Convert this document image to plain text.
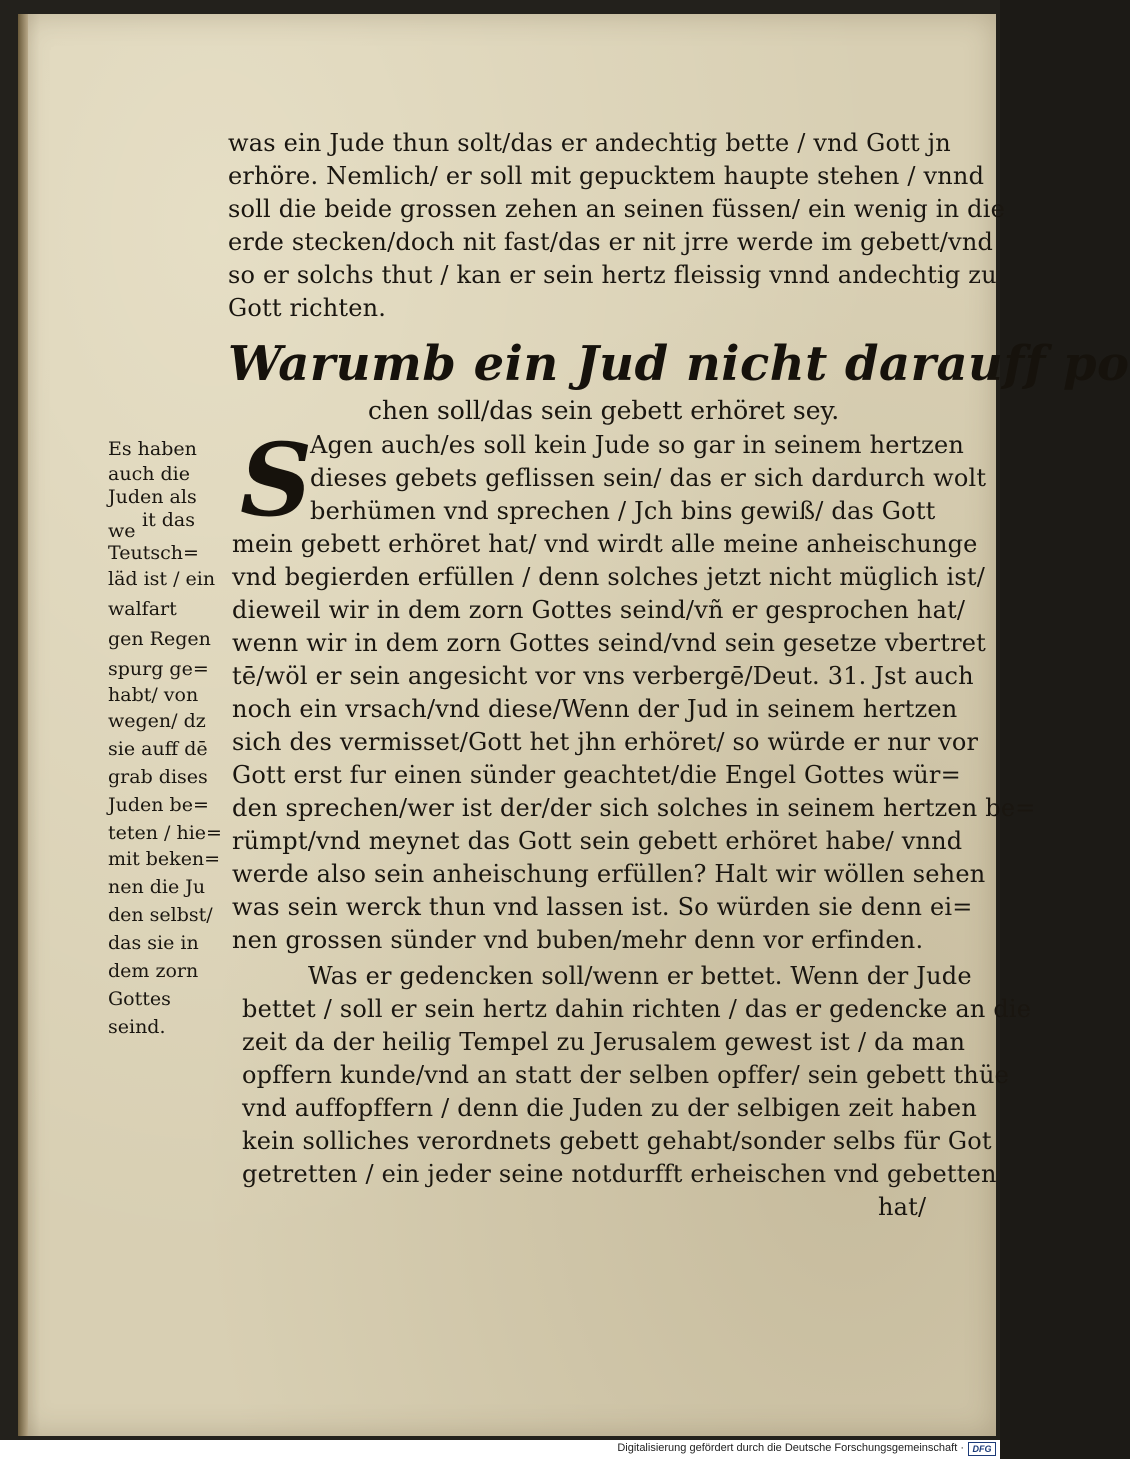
was ein Jude thun solt/das er andechtig bette / vnd Gott jn
erhöre. Nemlich/ er soll mit gepucktem haupte stehen / vnnd
soll die beide grossen zehen an seinen füssen/ ein wenig in die
erde stecken/doch nit fast/das er nit jrre werde im gebett/vnd
so er solchs thut / kan er sein hertz fleissig vnnd andechtig zu
Gott richten.
Warumb ein Jud nicht darauff po
chen soll/das sein gebett erhöret sey.
S
Agen auch/es soll kein Jude so gar in seinem hertzen
dieses gebets geflissen sein/ das er sich dardurch wolt
berhümen vnd sprechen / Jch bins gewiß/ das Gott
mein gebett erhöret hat/ vnd wirdt alle meine anheischunge
vnd begierden erfüllen / denn solches jetzt nicht müglich ist/
dieweil wir in dem zorn Gottes seind/vñ er gesprochen hat/
wenn wir in dem zorn Gottes seind/vnd sein gesetze vbertret
tē/wöl er sein angesicht vor vns verbergē/Deut. 31. Jst auch
noch ein vrsach/vnd diese/Wenn der Jud in seinem hertzen
sich des vermisset/Gott het jhn erhöret/ so würde er nur vor
Gott erst fur einen sünder geachtet/die Engel Gottes wür=
den sprechen/wer ist der/der sich solches in seinem hertzen be=
rümpt/vnd meynet das Gott sein gebett erhöret habe/ vnnd
werde also sein anheischung erfüllen? Halt wir wöllen sehen
was sein werck thun vnd lassen ist. So würden sie denn ei=
nen grossen sünder vnd buben/mehr denn vor erfinden.
Was er gedencken soll/wenn er bettet. Wenn der Jude
bettet / soll er sein hertz dahin richten / das er gedencke an die
zeit da der heilig Tempel zu Jerusalem gewest ist / da man
opffern kunde/vnd an statt der selben opffer/ sein gebett thüe
vnd auffopffern / denn die Juden zu der selbigen zeit haben
kein solliches verordnets gebett gehabt/sonder selbs für Got
getretten / ein jeder seine notdurfft erheischen vnd gebetten
hat/
Es haben
auch die
Juden als
it das
we
Teutsch=
läd ist / ein
walfart
gen Regen
spurg ge=
habt/ von
wegen/ dz
sie auff dē
grab dises
Juden be=
teten / hie=
mit beken=
nen die Ju
den selbst/
das sie in
dem zorn
Gottes
seind.
Digitalisierung gefördert durch die Deutsche Forschungsgemeinschaft · DFG
